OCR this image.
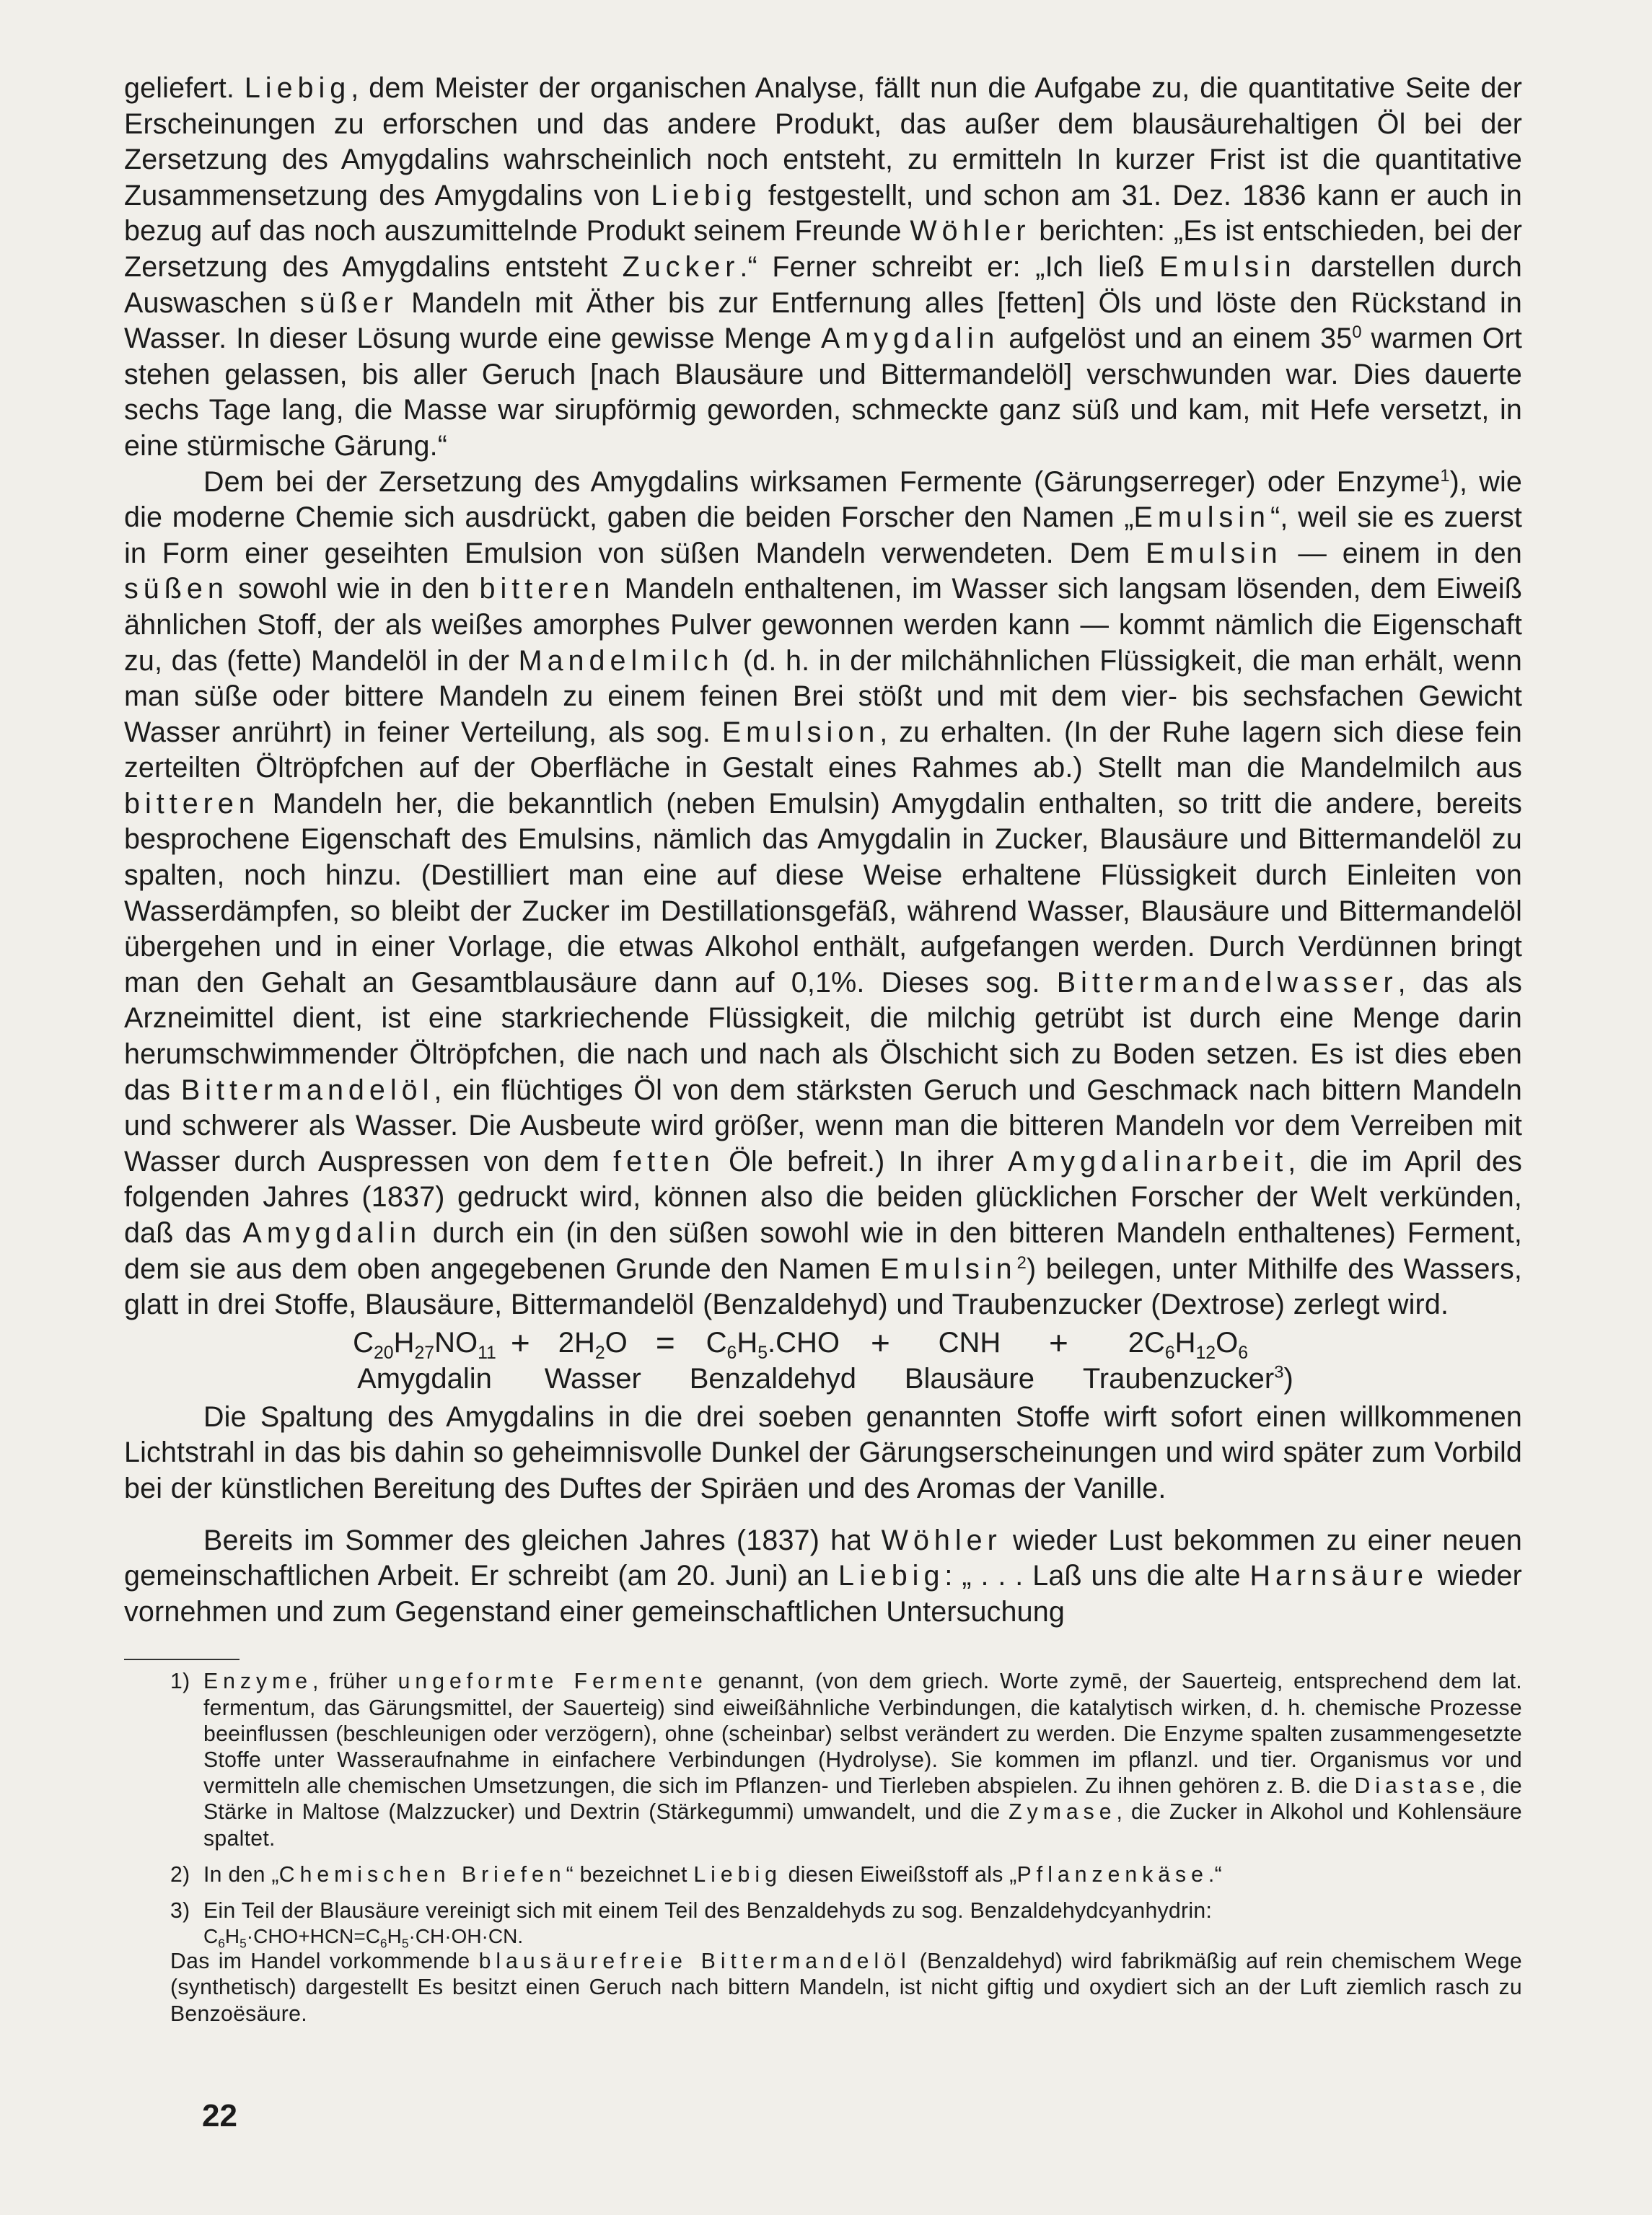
geliefert. Liebig, dem Meister der organischen Analyse, fällt nun die Aufgabe zu, die quantitative Seite der Erscheinungen zu erforschen und das andere Produkt, das außer dem blausäurehaltigen Öl bei der Zersetzung des Amygdalins wahrscheinlich noch entsteht, zu ermitteln In kurzer Frist ist die quantitative Zusammensetzung des Amygdalins von Liebig festgestellt, und schon am 31. Dez. 1836 kann er auch in bezug auf das noch auszumittelnde Produkt seinem Freunde Wöhler berichten: „Es ist entschieden, bei der Zersetzung des Amygdalins entsteht Zucker.“ Ferner schreibt er: „Ich ließ Emulsin darstellen durch Auswaschen süßer Mandeln mit Äther bis zur Entfernung alles [fetten] Öls und löste den Rückstand in Wasser. In dieser Lösung wurde eine gewisse Menge Amygdalin aufgelöst und an einem $35^0$ warmen Ort stehen gelassen, bis aller Geruch [nach Blausäure und Bittermandelöl] verschwunden war. Dies dauerte sechs Tage lang, die Masse war sirupförmig geworden, schmeckte ganz süß und kam, mit Hefe versetzt, in eine stürmische Gärung.“

Dem bei der Zersetzung des Amygdalins wirksamen Fermente (Gärungserreger) oder Enzyme$^1$), wie die moderne Chemie sich ausdrückt, gaben die beiden Forscher den Namen „Emulsin“, weil sie es zuerst in Form einer geseihten Emulsion von süßen Mandeln verwendeten. Dem Emulsin — einem in den süßen sowohl wie in den bitteren Mandeln enthaltenen, im Wasser sich langsam lösenden, dem Eiweiß ähnlichen Stoff, der als weißes amorphes Pulver gewonnen werden kann — kommt nämlich die Eigenschaft zu, das (fette) Mandelöl in der Mandelmilch (d. h. in der milchähnlichen Flüssigkeit, die man erhält, wenn man süße oder bittere Mandeln zu einem feinen Brei stößt und mit dem vier- bis sechsfachen Gewicht Wasser anrührt) in feiner Verteilung, als sog. Emulsion, zu erhalten. (In der Ruhe lagern sich diese fein zerteilten Öltröpfchen auf der Oberfläche in Gestalt eines Rahmes ab.) Stellt man die Mandelmilch aus bitteren Mandeln her, die bekanntlich (neben Emulsin) Amygdalin enthalten, so tritt die andere, bereits besprochene Eigenschaft des Emulsins, nämlich das Amygdalin in Zucker, Blausäure und Bittermandelöl zu spalten, noch hinzu. (Destilliert man eine auf diese Weise erhaltene Flüssigkeit durch Einleiten von Wasserdämpfen, so bleibt der Zucker im Destillationsgefäß, während Wasser, Blausäure und Bittermandelöl übergehen und in einer Vorlage, die etwas Alkohol enthält, aufgefangen werden. Durch Verdünnen bringt man den Gehalt an Gesamtblausäure dann auf 0,1%. Dieses sog. Bittermandelwasser, das als Arzneimittel dient, ist eine starkriechende Flüssigkeit, die milchig getrübt ist durch eine Menge darin herumschwimmender Öltröpfchen, die nach und nach als Ölschicht sich zu Boden setzen. Es ist dies eben das Bittermandelöl, ein flüchtiges Öl von dem stärksten Geruch und Geschmack nach bittern Mandeln und schwerer als Wasser. Die Ausbeute wird größer, wenn man die bitteren Mandeln vor dem Verreiben mit Wasser durch Auspressen von dem fetten Öle befreit.) In ihrer Amygdalinarbeit, die im April des folgenden Jahres (1837) gedruckt wird, können also die beiden glücklichen Forscher der Welt verkünden, daß das Amygdalin durch ein (in den süßen sowohl wie in den bitteren Mandeln enthaltenes) Ferment, dem sie aus dem oben angegebenen Grunde den Namen Emulsin$^2$) beilegen, unter Mithilfe des Wassers, glatt in drei Stoffe, Blausäure, Bittermandelöl (Benzaldehyd) und Traubenzucker (Dextrose) zerlegt wird.

$C_{20}H_{27}NO_{11} + 2H_2O$ =	$C_6H_5.CHO$ +	CNH	+	$2C_6H_{12}O_6$
Amygdalin Wasser Benzaldehyd Blausäure Traubenzucker$^3$)

Die Spaltung des Amygdalins in die drei soeben genannten Stoffe wirft sofort einen willkommenen Lichtstrahl in das bis dahin so geheimnisvolle Dunkel der Gärungserscheinungen und wird später zum Vorbild bei der künstlichen Bereitung des Duftes der Spiräen und des Aromas der Vanille.

Bereits im Sommer des gleichen Jahres (1837) hat Wöhler wieder Lust bekommen zu einer neuen gemeinschaftlichen Arbeit. Er schreibt (am 20. Juni) an Liebig: „ . . . Laß uns die alte Harnsäure wieder vornehmen und zum Gegenstand einer gemeinschaftlichen Untersuchung

1) Enzyme, früher ungeformte Fermente genannt, (von dem griech. Worte zymē, der Sauerteig, entsprechend dem lat. fermentum, das Gärungsmittel, der Sauerteig) sind eiweißähnliche Verbindungen, die katalytisch wirken, d. h. chemische Prozesse beeinflussen (beschleunigen oder verzögern), ohne (scheinbar) selbst verändert zu werden. Die Enzyme spalten zusammengesetzte Stoffe unter Wasseraufnahme in einfachere Verbindungen (Hydrolyse). Sie kommen im pflanzl. und tier. Organismus vor und vermitteln alle chemischen Umsetzungen, die sich im Pflanzen- und Tierleben abspielen. Zu ihnen gehören z. B. die Diastase, die Stärke in Maltose (Malzzucker) und Dextrin (Stärkegummi) umwandelt, und die Zymase, die Zucker in Alkohol und Kohlensäure spaltet.

2) In den „Chemischen Briefen“ bezeichnet Liebig diesen Eiweißstoff als „Pflanzenkäse.“

3) Ein Teil der Blausäure vereinigt sich mit einem Teil des Benzaldehyds zu sog. Benzaldehydcyanhydrin:

$C_6H_5\cdot CHO+HCN=C_6H_5\cdot CH\cdot OH\cdot CN$.

Das im Handel vorkommende blausäurefreie Bittermandelöl (Benzaldehyd) wird fabrikmäßig auf rein chemischem Wege (synthetisch) dargestellt Es besitzt einen Geruch nach bittern Mandeln, ist nicht giftig und oxydiert sich an der Luft ziemlich rasch zu Benzoësäure.

22
